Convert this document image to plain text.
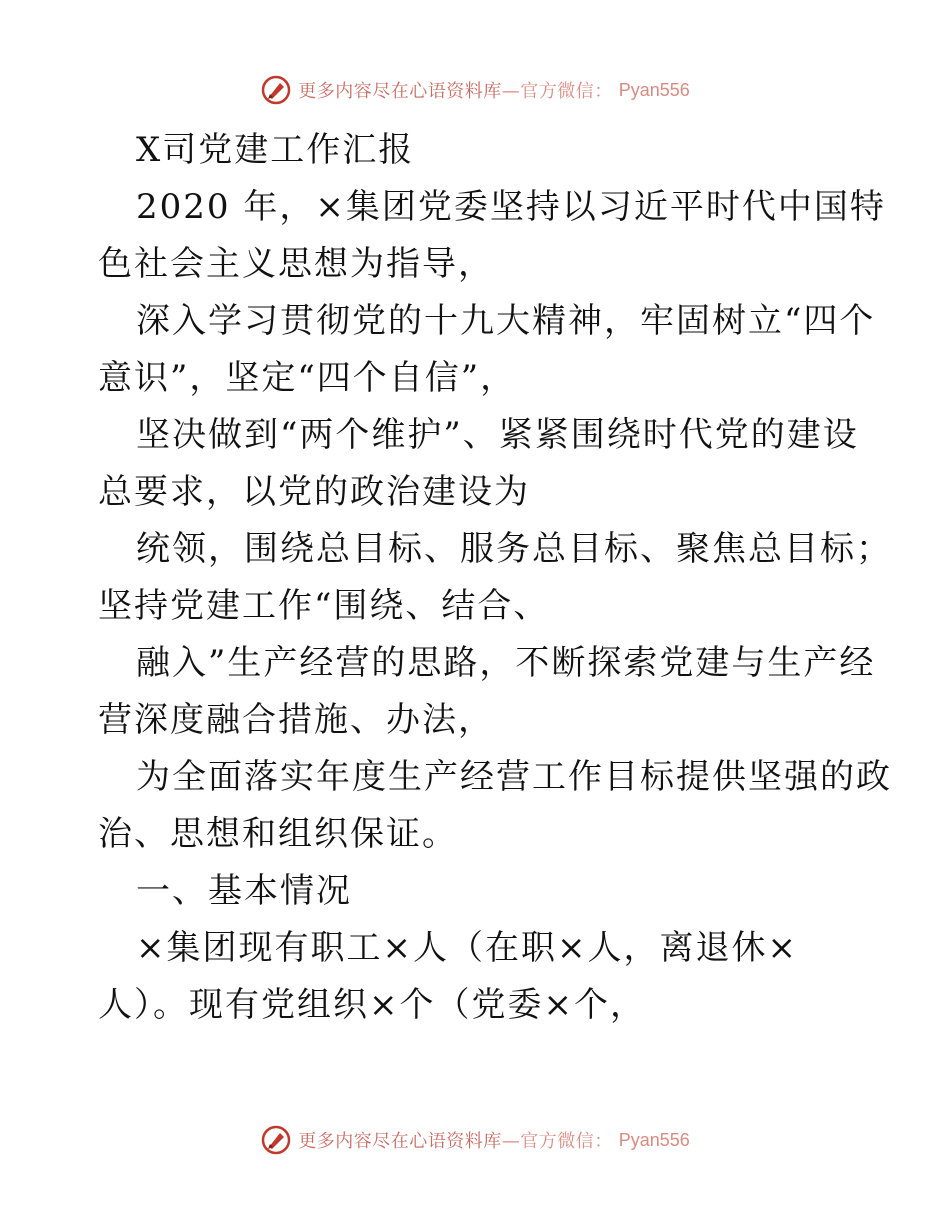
更多内容尽在心语资料库—官方微信： Pyan556
X司党建工作汇报
2020 年，×集团党委坚持以习近平时代中国特
色社会主义思想为指导，
深入学习贯彻党的十九大精神，牢固树立“四个
意识”，坚定“四个自信”，
坚决做到“两个维护”、紧紧围绕时代党的建设
总要求，以党的政治建设为
统领，围绕总目标、服务总目标、聚焦总目标；
坚持党建工作“围绕、结合、
融入”生产经营的思路，不断探索党建与生产经
营深度融合措施、办法，
为全面落实年度生产经营工作目标提供坚强的政
治、思想和组织保证。
一、基本情况
×集团现有职工×人（在职×人，离退休×
人）。现有党组织×个（党委×个，
更多内容尽在心语资料库—官方微信： Pyan556
